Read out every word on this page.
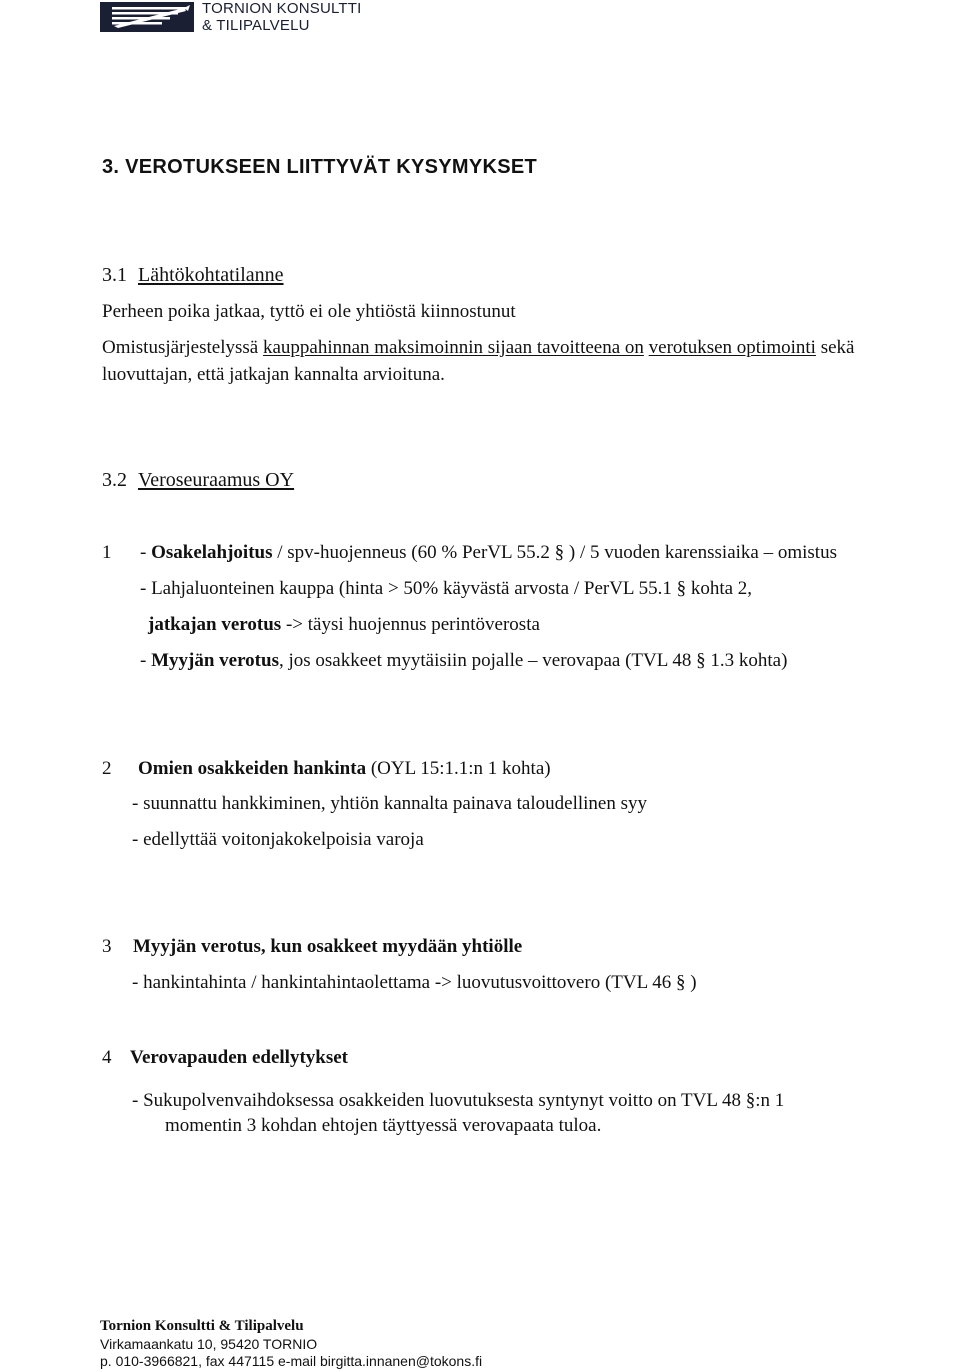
TORNION KONSULTTI
& TILIPALVELU
3. VEROTUKSEEN LIITTYVÄT KYSYMYKSET
3.1 Lähtökohtatilanne
Perheen poika jatkaa, tyttö ei ole yhtiöstä kiinnostunut
Omistusjärjestelyssä kauppahinnan maksimoinnin sijaan tavoitteena on verotuksen optimointi sekä
luovuttajan, että jatkajan kannalta arvioituna.
3.2 Veroseuraamus OY
1 - Osakelahjoitus / spv-huojenneus (60 % PerVL 55.2 § ) / 5 vuoden karenssiaika – omistus
- Lahjaluonteinen kauppa (hinta > 50% käyvästä arvosta / PerVL 55.1 § kohta 2,
jatkajan verotus -> täysi huojennus perintöverosta
- Myyjän verotus, jos osakkeet myytäisiin pojalle – verovapaa (TVL 48 § 1.3 kohta)
2 Omien osakkeiden hankinta (OYL 15:1.1:n 1 kohta)
- suunnattu hankkiminen, yhtiön kannalta painava taloudellinen syy
- edellyttää voitonjakokelpoisia varoja
3 Myyjän verotus, kun osakkeet myydään yhtiölle
- hankintahinta / hankintahintaolettama -> luovutusvoittovero (TVL 46 § )
4 Verovapauden edellytykset
- Sukupolvenvaihdoksessa osakkeiden luovutuksesta syntynyt voitto on TVL 48 §:n 1
momentin 3 kohdan ehtojen täyttyessä verovapaata tuloa.
Tornion Konsultti & Tilipalvelu
Virkamaankatu 10, 95420 TORNIO
p. 010-3966821, fax 447115 e-mail birgitta.innanen@tokons.fi
